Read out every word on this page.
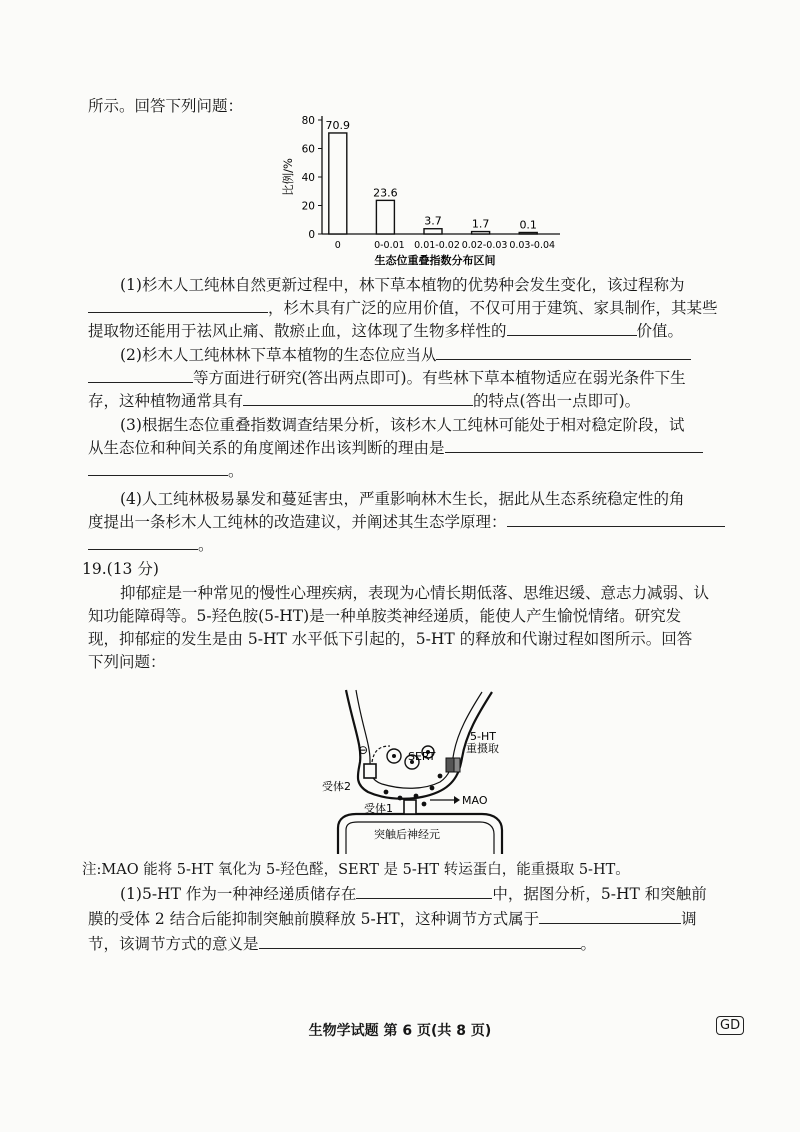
所示。回答下列问题：
0
20
40
60
80
比例/%
70.9
0
23.6
0-0.01
3.7
0.01-0.02
1.7
0.02-0.03
0.1
0.03-0.04
生态位重叠指数分布区间
(1)杉木人工纯林自然更新过程中，林下草本植物的优势种会发生变化，该过程称为
，杉木具有广泛的应用价值，不仅可用于建筑、家具制作，其某些
提取物还能用于祛风止痛、散瘀止血，这体现了生物多样性的	价值。
(2)杉木人工纯林林下草本植物的生态位应当从
等方面进行研究(答出两点即可)。有些林下草本植物适应在弱光条件下生
存，这种植物通常具有	的特点(答出一点即可)。
(3)根据生态位重叠指数调查结果分析，该杉木人工纯林可能处于相对稳定阶段，试
从生态位和种间关系的角度阐述作出该判断的理由是
。
(4)人工纯林极易暴发和蔓延害虫，严重影响林木生长，据此从生态系统稳定性的角
度提出一条杉木人工纯林的改造建议，并阐述其生态学原理：
。
19.(13 分)
抑郁症是一种常见的慢性心理疾病，表现为心情长期低落、思维迟缓、意志力减弱、认
知功能障碍等。5-羟色胺(5-HT)是一种单胺类神经递质，能使人产生愉悦情绪。研究发
现，抑郁症的发生是由 5-HT 水平低下引起的，5-HT 的释放和代谢过程如图所示。回答
下列问题：
⊖
受体2
受体1
SERT
5-HT
重摄取
MAO
突触后神经元
注:MAO 能将 5-HT 氧化为 5-羟色醛，SERT 是 5-HT 转运蛋白，能重摄取 5-HT。
(1)5-HT 作为一种神经递质储存在	中，据图分析，5-HT 和突触前
膜的受体 2 结合后能抑制突触前膜释放 5-HT，这种调节方式属于	调
节，该调节方式的意义是	。
生物学试题 第 6 页(共 8 页)	GD
